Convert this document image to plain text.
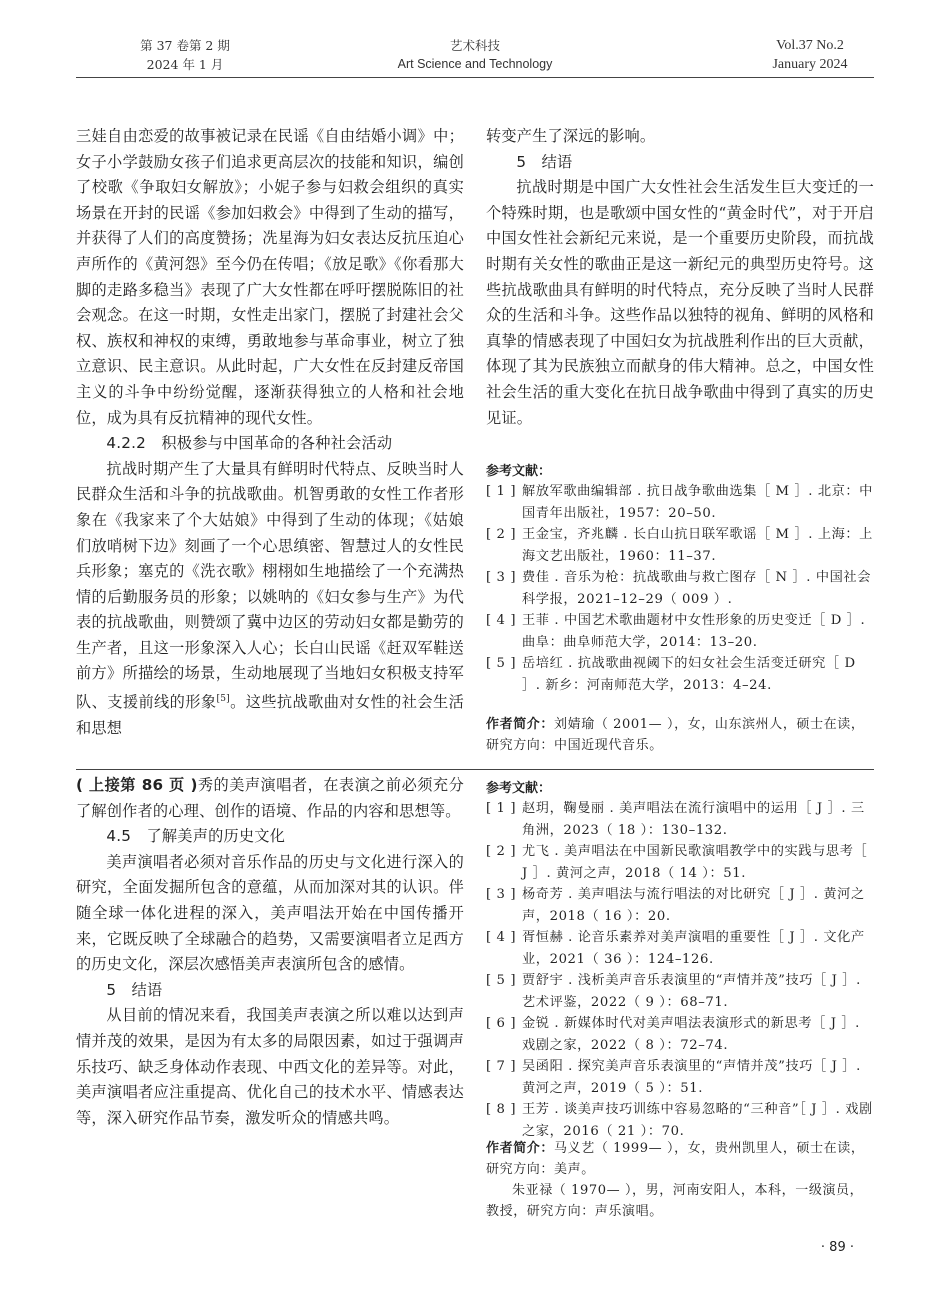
第 37 卷第 2 期
2024 年 1 月
艺术科技
Art Science and Technology
Vol.37 No.2
January 2024

三娃自由恋爱的故事被记录在民谣《自由结婚小调》中；女子小学鼓励女孩子们追求更高层次的技能和知识，编创了校歌《争取妇女解放》；小妮子参与妇救会组织的真实场景在开封的民谣《参加妇救会》中得到了生动的描写，并获得了人们的高度赞扬；冼星海为妇女表达反抗压迫心声所作的《黄河怨》至今仍在传唱；《放足歌》《你看那大脚的走路多稳当》表现了广大女性都在呼吁摆脱陈旧的社会观念。在这一时期，女性走出家门，摆脱了封建社会父权、族权和神权的束缚，勇敢地参与革命事业，树立了独立意识、民主意识。从此时起，广大女性在反封建反帝国主义的斗争中纷纷觉醒，逐渐获得独立的人格和社会地位，成为具有反抗精神的现代女性。

4.2.2　积极参与中国革命的各种社会活动

抗战时期产生了大量具有鲜明时代特点、反映当时人民群众生活和斗争的抗战歌曲。机智勇敢的女性工作者形象在《我家来了个大姑娘》中得到了生动的体现；《姑娘们放哨树下边》刻画了一个心思缜密、智慧过人的女性民兵形象；塞克的《洗衣歌》栩栩如生地描绘了一个充满热情的后勤服务员的形象；以姚呐的《妇女参与生产》为代表的抗战歌曲，则赞颂了冀中边区的劳动妇女都是勤劳的生产者，且这一形象深入人心；长白山民谣《赶双军鞋送前方》所描绘的场景，生动地展现了当地妇女积极支持军队、支援前线的形象[5]。这些抗战歌曲对女性的社会生活和思想

转变产生了深远的影响。

5　结语

抗战时期是中国广大女性社会生活发生巨大变迁的一个特殊时期，也是歌颂中国女性的“黄金时代”，对于开启中国女性社会新纪元来说，是一个重要历史阶段，而抗战时期有关女性的歌曲正是这一新纪元的典型历史符号。这些抗战歌曲具有鲜明的时代特点，充分反映了当时人民群众的生活和斗争。这些作品以独特的视角、鲜明的风格和真挚的情感表现了中国妇女为抗战胜利作出的巨大贡献，体现了其为民族独立而献身的伟大精神。总之，中国女性社会生活的重大变化在抗日战争歌曲中得到了真实的历史见证。

参考文献：

[ 1 ] 解放军歌曲编辑部 . 抗日战争歌曲选集［ M ］. 北京：中国青年出版社，1957：20–50.
[ 2 ] 王金宝，齐兆麟 . 长白山抗日联军歌谣［ M ］. 上海：上海文艺出版社，1960：11–37.
[ 3 ] 费佳 . 音乐为枪：抗战歌曲与救亡图存［ N ］. 中国社会科学报，2021–12–29（ 009 ）.
[ 4 ] 王菲 . 中国艺术歌曲题材中女性形象的历史变迁［ D ］. 曲阜：曲阜师范大学，2014：13–20.
[ 5 ] 岳培红 . 抗战歌曲视阈下的妇女社会生活变迁研究［ D ］. 新乡：河南师范大学，2013：4–24.

作者简介：刘婧瑜（ 2001— ），女，山东滨州人，硕士在读，研究方向：中国近现代音乐。

( 上接第 86 页 )秀的美声演唱者，在表演之前必须充分了解创作者的心理、创作的语境、作品的内容和思想等。

4.5　了解美声的历史文化

美声演唱者必须对音乐作品的历史与文化进行深入的研究，全面发掘所包含的意蕴，从而加深对其的认识。伴随全球一体化进程的深入，美声唱法开始在中国传播开来，它既反映了全球融合的趋势，又需要演唱者立足西方的历史文化，深层次感悟美声表演所包含的感情。

5　结语

从目前的情况来看，我国美声表演之所以难以达到声情并茂的效果，是因为有太多的局限因素，如过于强调声乐技巧、缺乏身体动作表现、中西文化的差异等。对此，美声演唱者应注重提高、优化自己的技术水平、情感表达等，深入研究作品节奏，激发听众的情感共鸣。

参考文献：

[ 1 ] 赵玥，鞠曼丽 . 美声唱法在流行演唱中的运用［ J ］. 三角洲，2023（ 18 ）：130–132.
[ 2 ] 尤飞 . 美声唱法在中国新民歌演唱教学中的实践与思考［ J ］. 黄河之声，2018（ 14 ）：51.
[ 3 ] 杨奇芳 . 美声唱法与流行唱法的对比研究［ J ］. 黄河之声，2018（ 16 ）：20.
[ 4 ] 胥恒赫 . 论音乐素养对美声演唱的重要性［ J ］. 文化产业，2021（ 36 ）：124–126.
[ 5 ] 贾舒宇 . 浅析美声音乐表演里的“声情并茂”技巧［ J ］. 艺术评鉴，2022（ 9 ）：68–71.
[ 6 ] 金锐 . 新媒体时代对美声唱法表演形式的新思考［ J ］. 戏剧之家，2022（ 8 ）：72–74.
[ 7 ] 吴函阳 . 探究美声音乐表演里的“声情并茂”技巧［ J ］. 黄河之声，2019（ 5 ）：51.
[ 8 ] 王芳 . 谈美声技巧训练中容易忽略的“三种音”［ J ］. 戏剧之家，2016（ 21 ）：70.

作者简介：马义艺（ 1999— ），女，贵州凯里人，硕士在读，研究方向：美声。

朱亚禄（ 1970— ），男，河南安阳人，本科，一级演员，教授，研究方向：声乐演唱。

· 89 ·
